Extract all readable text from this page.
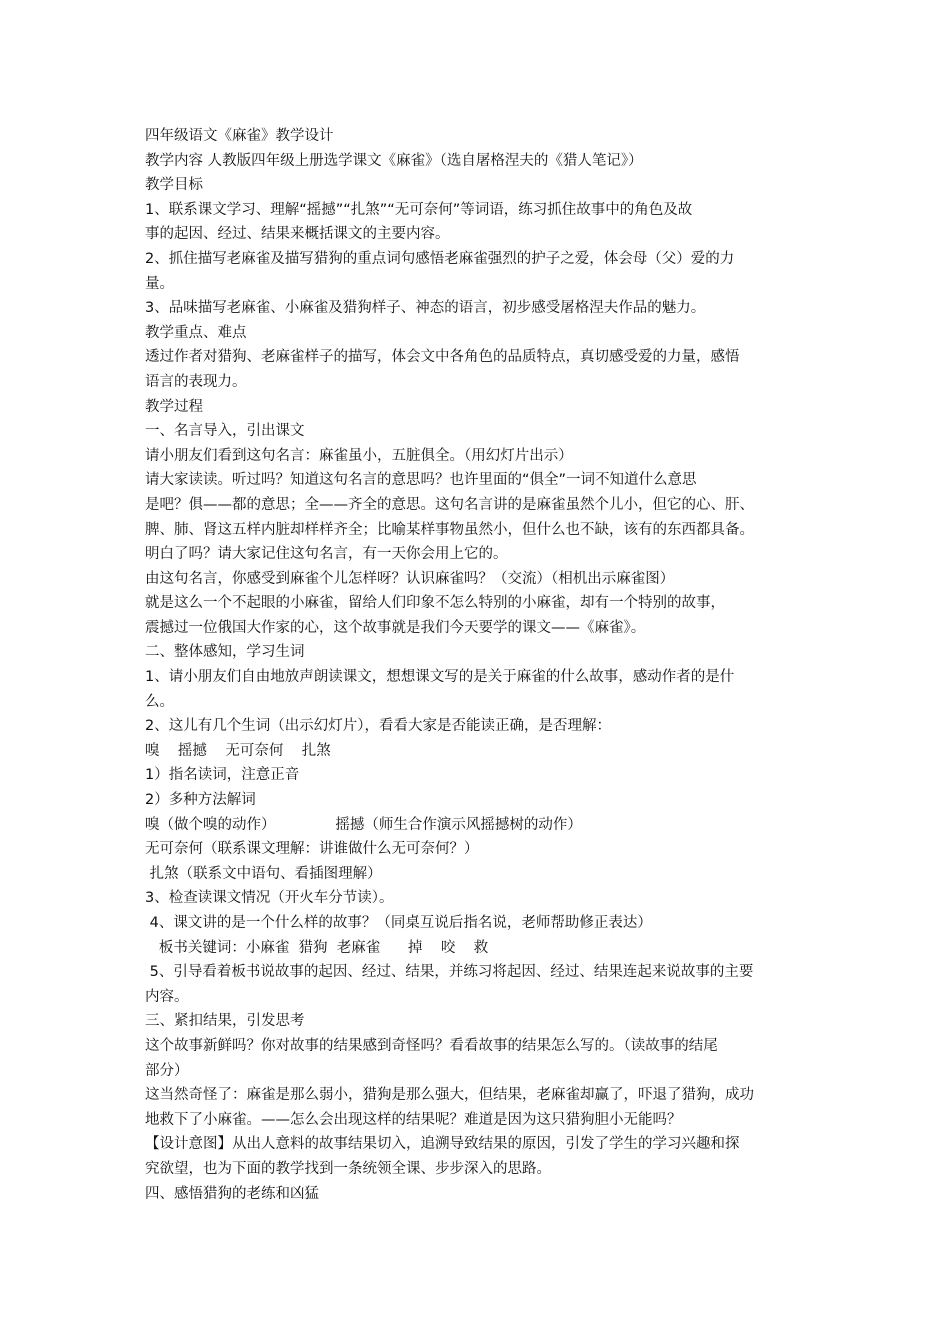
四年级语文《麻雀》教学设计
教学内容 人教版四年级上册选学课文《麻雀》（选自屠格涅夫的《猎人笔记》）
教学目标
1、联系课文学习、理解“摇撼”“扎煞”“无可奈何”等词语，练习抓住故事中的角色及故
事的起因、经过、结果来概括课文的主要内容。
2、抓住描写老麻雀及描写猎狗的重点词句感悟老麻雀强烈的护子之爱，体会母（父）爱的力
量。
3、品味描写老麻雀、小麻雀及猎狗样子、神态的语言，初步感受屠格涅夫作品的魅力。
教学重点、难点
透过作者对猎狗、老麻雀样子的描写，体会文中各角色的品质特点，真切感受爱的力量，感悟
语言的表现力。
教学过程
一、名言导入，引出课文
请小朋友们看到这句名言：麻雀虽小，五脏俱全。（用幻灯片出示）
请大家读读。听过吗？知道这句名言的意思吗？也许里面的“俱全”一词不知道什么意思
是吧？俱——都的意思；全——齐全的意思。这句名言讲的是麻雀虽然个儿小，但它的心、肝、
脾、肺、肾这五样内脏却样样齐全；比喻某样事物虽然小，但什么也不缺，该有的东西都具备。
明白了吗？请大家记住这句名言，有一天你会用上它的。
由这句名言，你感受到麻雀个儿怎样呀？认识麻雀吗？（交流）（相机出示麻雀图）
就是这么一个不起眼的小麻雀，留给人们印象不怎么特别的小麻雀，却有一个特别的故事，
震撼过一位俄国大作家的心，这个故事就是我们今天要学的课文——《麻雀》。
二、整体感知，学习生词
1、请小朋友们自由地放声朗读课文，想想课文写的是关于麻雀的什么故事，感动作者的是什
么。
2、这儿有几个生词（出示幻灯片），看看大家是否能读正确，是否理解：
嗅    摇撼    无可奈何    扎煞
1）指名读词，注意正音
2）多种方法解词
嗅（做个嗅的动作）             摇撼（师生合作演示风摇撼树的动作）
无可奈何（联系课文理解：讲谁做什么无可奈何？）
扎煞（联系文中语句、看插图理解）
3、检查读课文情况（开火车分节读）。
4、课文讲的是一个什么样的故事？（同桌互说后指名说，老师帮助修正表达）
板书关键词：小麻雀  猎狗  老麻雀      掉    咬    救
5、引导看着板书说故事的起因、经过、结果，并练习将起因、经过、结果连起来说故事的主要
内容。
三、紧扣结果，引发思考
这个故事新鲜吗？你对故事的结果感到奇怪吗？看看故事的结果怎么写的。（读故事的结尾
部分）
这当然奇怪了：麻雀是那么弱小，猎狗是那么强大，但结果，老麻雀却赢了，吓退了猎狗，成功
地救下了小麻雀。——怎么会出现这样的结果呢？难道是因为这只猎狗胆小无能吗？
【设计意图】从出人意料的故事结果切入，追溯导致结果的原因，引发了学生的学习兴趣和探
究欲望，也为下面的教学找到一条统领全课、步步深入的思路。
四、感悟猎狗的老练和凶猛
